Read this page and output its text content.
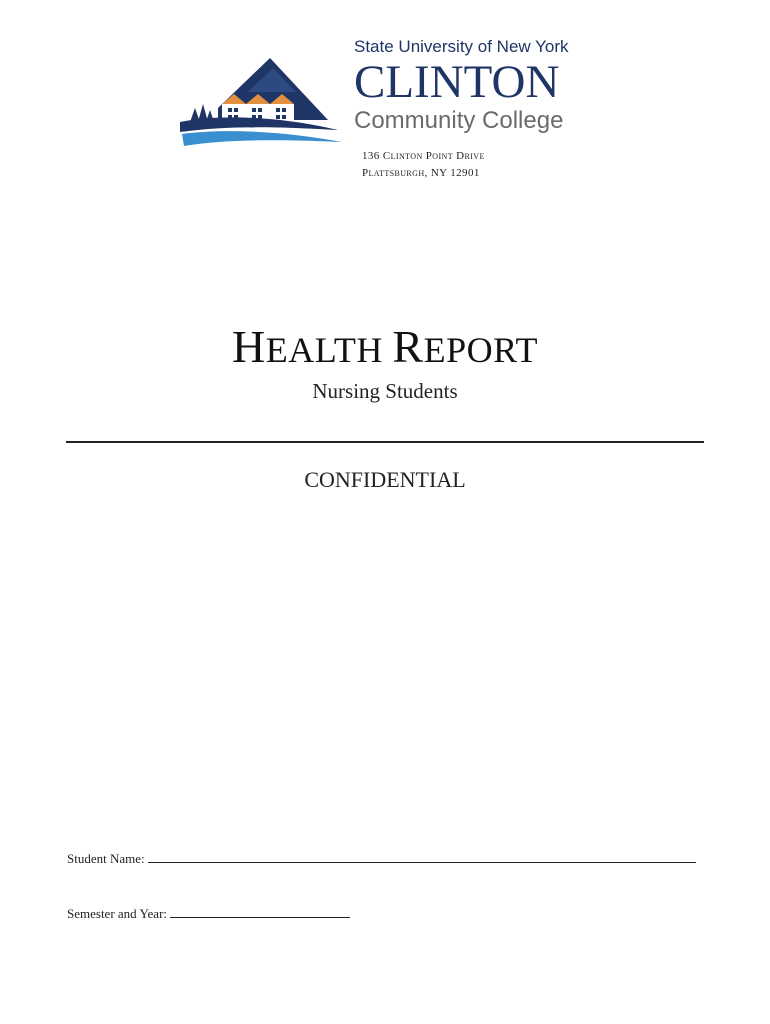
State University of New York
CLINTON
Community College
136 Clinton Point Drive
Plattsburgh, NY 12901
HEALTH REPORT
Nursing Students
CONFIDENTIAL
Student Name:
Semester and Year:
